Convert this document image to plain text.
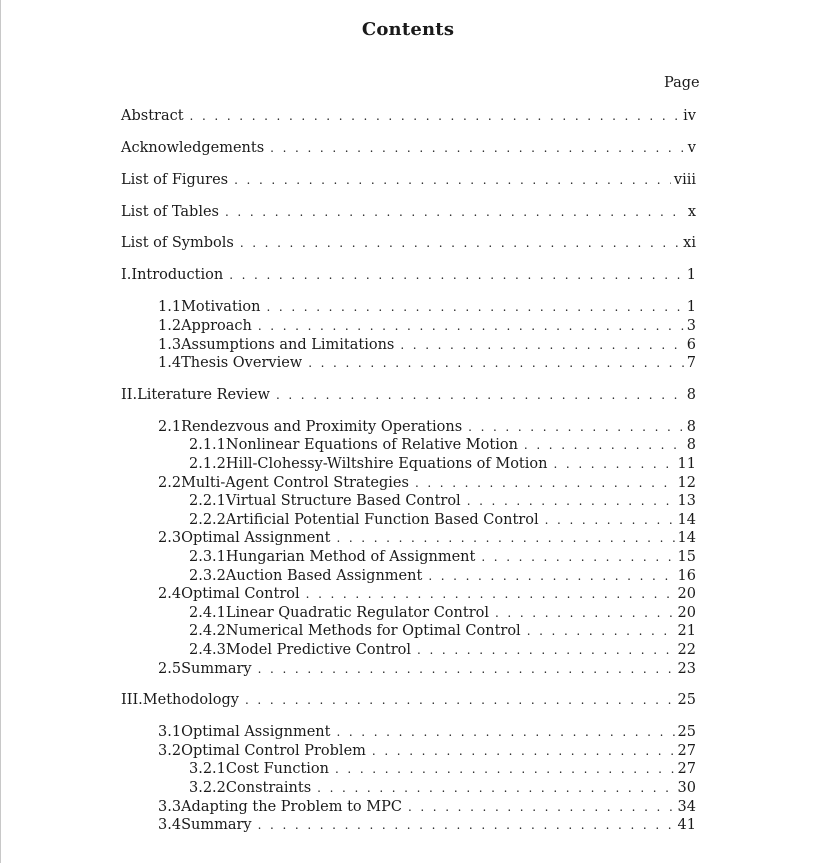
Contents
Page
Abstract . . .	iv
Acknowledgements . . .	v
List of Figures . . .	viii
List of Tables . . .	x
List of Symbols . . .	xi
I. Introduction . . .	1
1.1 Motivation . . .	1
1.2 Approach . . .	3
1.3 Assumptions and Limitations . . .	6
1.4 Thesis Overview . . .	7
II. Literature Review . . .	8
2.1 Rendezvous and Proximity Operations . . .	8
2.1.1 Nonlinear Equations of Relative Motion . . .	8
2.1.2 Hill-Clohessy-Wiltshire Equations of Motion . . .	11
2.2 Multi-Agent Control Strategies . . .	12
2.2.1 Virtual Structure Based Control . . .	13
2.2.2 Artificial Potential Function Based Control . . .	14
2.3 Optimal Assignment . . .	14
2.3.1 Hungarian Method of Assignment . . .	15
2.3.2 Auction Based Assignment . . .	16
2.4 Optimal Control . . .	20
2.4.1 Linear Quadratic Regulator Control . . .	20
2.4.2 Numerical Methods for Optimal Control . . .	21
2.4.3 Model Predictive Control . . .	22
2.5 Summary . . .	23
III. Methodology . . .	25
3.1 Optimal Assignment . . .	25
3.2 Optimal Control Problem . . .	27
3.2.1 Cost Function . . .	27
3.2.2 Constraints . . .	30
3.3 Adapting the Problem to MPC . . .	34
3.4 Summary . . .	41
